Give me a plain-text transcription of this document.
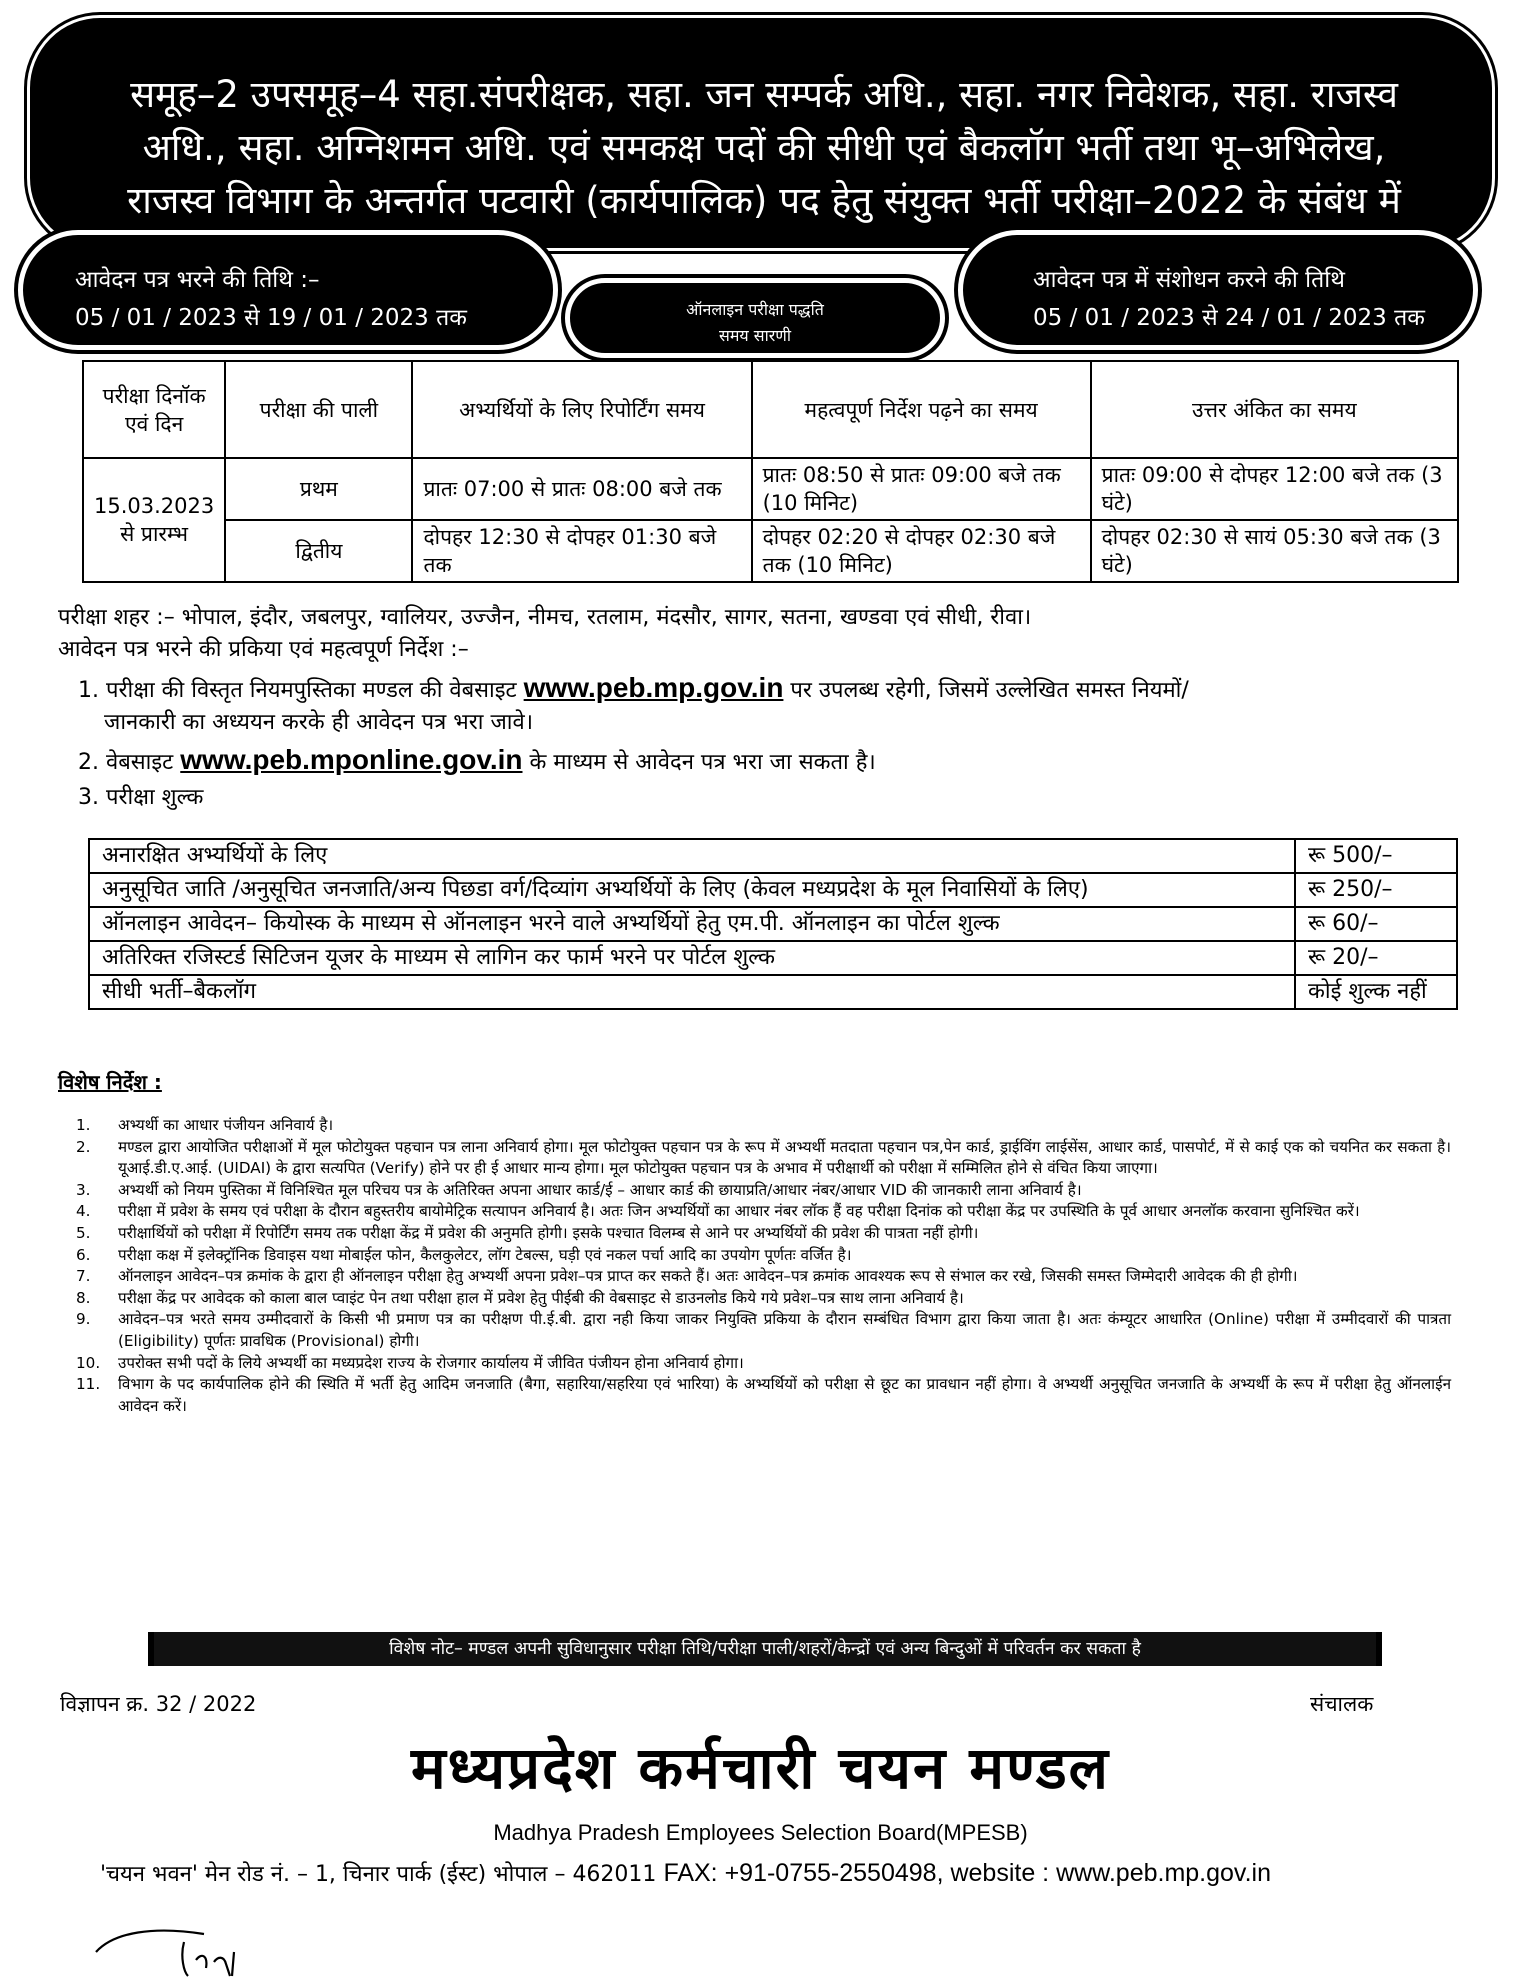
समूह–2 उपसमूह–4 सहा.संपरीक्षक, सहा. जन सम्पर्क अधि., सहा. नगर निवेशक, सहा. राजस्व अधि., सहा. अग्निशमन अधि. एवं समकक्ष पदों की सीधी एवं बैकलॉग भर्ती तथा भू–अभिलेख, राजस्व विभाग के अन्तर्गत पटवारी (कार्यपालिक) पद हेतु संयुक्त भर्ती परीक्षा–2022 के संबंध में
आवेदन पत्र भरने की तिथि :–
05 / 01 / 2023 से 19 / 01 / 2023 तक
आवेदन पत्र में संशोधन करने की तिथि
05 / 01 / 2023 से 24 / 01 / 2023 तक
ऑनलाइन परीक्षा पद्धति
समय सारणी
परीक्षा दिनॉक एवं दिन	परीक्षा की पाली	अभ्यर्थियों के लिए रिपोर्टिंग समय	महत्वपूर्ण निर्देश पढ़ने का समय	उत्तर अंकित का समय
15.03.2023 से प्रारम्भ	प्रथम	प्रातः 07:00 से प्रातः 08:00 बजे तक	प्रातः 08:50 से प्रातः 09:00 बजे तक (10 मिनिट)	प्रातः 09:00 से दोपहर 12:00 बजे तक (3 घंटे)
	द्वितीय	दोपहर 12:30 से दोपहर 01:30 बजे तक	दोपहर 02:20 से दोपहर 02:30 बजे तक (10 मिनिट)	दोपहर 02:30 से सायं 05:30 बजे तक (3 घंटे)
परीक्षा शहर :– भोपाल, इंदौर, जबलपुर, ग्वालियर, उज्जैन, नीमच, रतलाम, मंदसौर, सागर, सतना, खण्डवा एवं सीधी, रीवा।
आवेदन पत्र भरने की प्रकिया एवं महत्वपूर्ण निर्देश :–
1. परीक्षा की विस्तृत नियमपुस्तिका मण्डल की वेबसाइट www.peb.mp.gov.in पर उपलब्ध रहेगी, जिसमें उल्लेखित समस्त नियमों/
जानकारी का अध्ययन करके ही आवेदन पत्र भरा जावे।
2. वेबसाइट www.peb.mponline.gov.in के माध्यम से आवेदन पत्र भरा जा सकता है।
3. परीक्षा शुल्क
अनारक्षित अभ्यर्थियों के लिए	रू 500/–
अनुसूचित जाति /अनुसूचित जनजाति/अन्य पिछडा वर्ग/दिव्यांग अभ्यर्थियों के लिए (केवल मध्यप्रदेश के मूल निवासियों के लिए)	रू 250/–
ऑनलाइन आवेदन– कियोस्क के माध्यम से ऑनलाइन भरने वाले अभ्यर्थियों हेतु एम.पी. ऑनलाइन का पोर्टल शुल्क	रू 60/–
अतिरिक्त रजिस्टर्ड सिटिजन यूजर के माध्यम से लागिन कर फार्म भरने पर पोर्टल शुल्क	रू 20/–
सीधी भर्ती–बैकलॉग	कोई शुल्क नहीं
विशेष निर्देश :
1.	अभ्यर्थी का आधार पंजीयन अनिवार्य है।
2.	मण्डल द्वारा आयोजित परीक्षाओं में मूल फोटोयुक्त पहचान पत्र लाना अनिवार्य होगा। मूल फोटोयुक्त पहचान पत्र के रूप में अभ्यर्थी मतदाता पहचान पत्र,पेन कार्ड, ड्राईविंग लाईसेंस, आधार कार्ड, पासपोर्ट, में से काई एक को चयनित कर सकता है। यूआई.डी.ए.आई. (UIDAI) के द्वारा सत्यपित (Verify) होने पर ही ई आधार मान्य होगा। मूल फोटोयुक्त पहचान पत्र के अभाव में परीक्षार्थी को परीक्षा में सम्मिलित होने से वंचित किया जाएगा।
3.	अभ्यर्थी को नियम पुस्तिका में विनिश्चित मूल परिचय पत्र के अतिरिक्त अपना आधार कार्ड/ई – आधार कार्ड की छायाप्रति/आधार नंबर/आधार VID की जानकारी लाना अनिवार्य है।
4.	परीक्षा में प्रवेश के समय एवं परीक्षा के दौरान बहुस्तरीय बायोमेट्रिक सत्यापन अनिवार्य है। अतः जिन अभ्यर्थियों का आधार नंबर लॉक हैं वह परीक्षा दिनांक को परीक्षा केंद्र पर उपस्थिति के पूर्व आधार अनलॉक करवाना सुनिश्चित करें।
5.	परीक्षार्थियों को परीक्षा में रिपोर्टिंग समय तक परीक्षा केंद्र में प्रवेश की अनुमति होगी। इसके पश्चात विलम्ब से आने पर अभ्यर्थियों की प्रवेश की पात्रता नहीं होगी।
6.	परीक्षा कक्ष में इलेक्ट्रॉनिक डिवाइस यथा मोबाईल फोन, कैलकुलेटर, लॉग टेबल्स, घड़ी एवं नकल पर्चा आदि का उपयोग पूर्णतः वर्जित है।
7.	ऑनलाइन आवेदन–पत्र क्रमांक के द्वारा ही ऑनलाइन परीक्षा हेतु अभ्यर्थी अपना प्रवेश–पत्र प्राप्त कर सकते हैं। अतः आवेदन–पत्र क्रमांक आवश्यक रूप से संभाल कर रखे, जिसकी समस्त जिम्मेदारी आवेदक की ही होगी।
8.	परीक्षा केंद्र पर आवेदक को काला बाल प्वाइंट पेन तथा परीक्षा हाल में प्रवेश हेतु पीईबी की वेबसाइट से डाउनलोड किये गये प्रवेश–पत्र साथ लाना अनिवार्य है।
9.	आवेदन–पत्र भरते समय उम्मीदवारों के किसी भी प्रमाण पत्र का परीक्षण पी.ई.बी. द्वारा नही किया जाकर नियुक्ति प्रकिया के दौरान सम्बंधित विभाग द्वारा किया जाता है। अतः कंम्यूटर आधारित (Online) परीक्षा में उम्मीदवारों की पात्रता (Eligibility) पूर्णतः प्रावधिक (Provisional) होगी।
10.	उपरोक्त सभी पदों के लिये अभ्यर्थी का मध्यप्रदेश राज्य के रोजगार कार्यालय में जीवित पंजीयन होना अनिवार्य होगा।
11.	विभाग के पद कार्यपालिक होने की स्थिति में भर्ती हेतु आदिम जनजाति (बैगा, सहारिया/सहरिया एवं भारिया) के अभ्यर्थियों को परीक्षा से छूट का प्रावधान नहीं होगा। वे अभ्यर्थी अनुसूचित जनजाति के अभ्यर्थी के रूप में परीक्षा हेतु ऑनलाईन आवेदन करें।
विशेष नोट– मण्डल अपनी सुविधानुसार परीक्षा तिथि/परीक्षा पाली/शहरों/केन्द्रों एवं अन्य बिन्दुओं में परिवर्तन कर सकता है
विज्ञापन क्र. 32 / 2022	संचालक
मध्यप्रदेश कर्मचारी चयन मण्डल
Madhya Pradesh Employees Selection Board(MPESB)
'चयन भवन' मेन रोड नं. – 1, चिनार पार्क (ईस्ट) भोपाल – 462011 FAX: +91-0755-2550498, website : www.peb.mp.gov.in
